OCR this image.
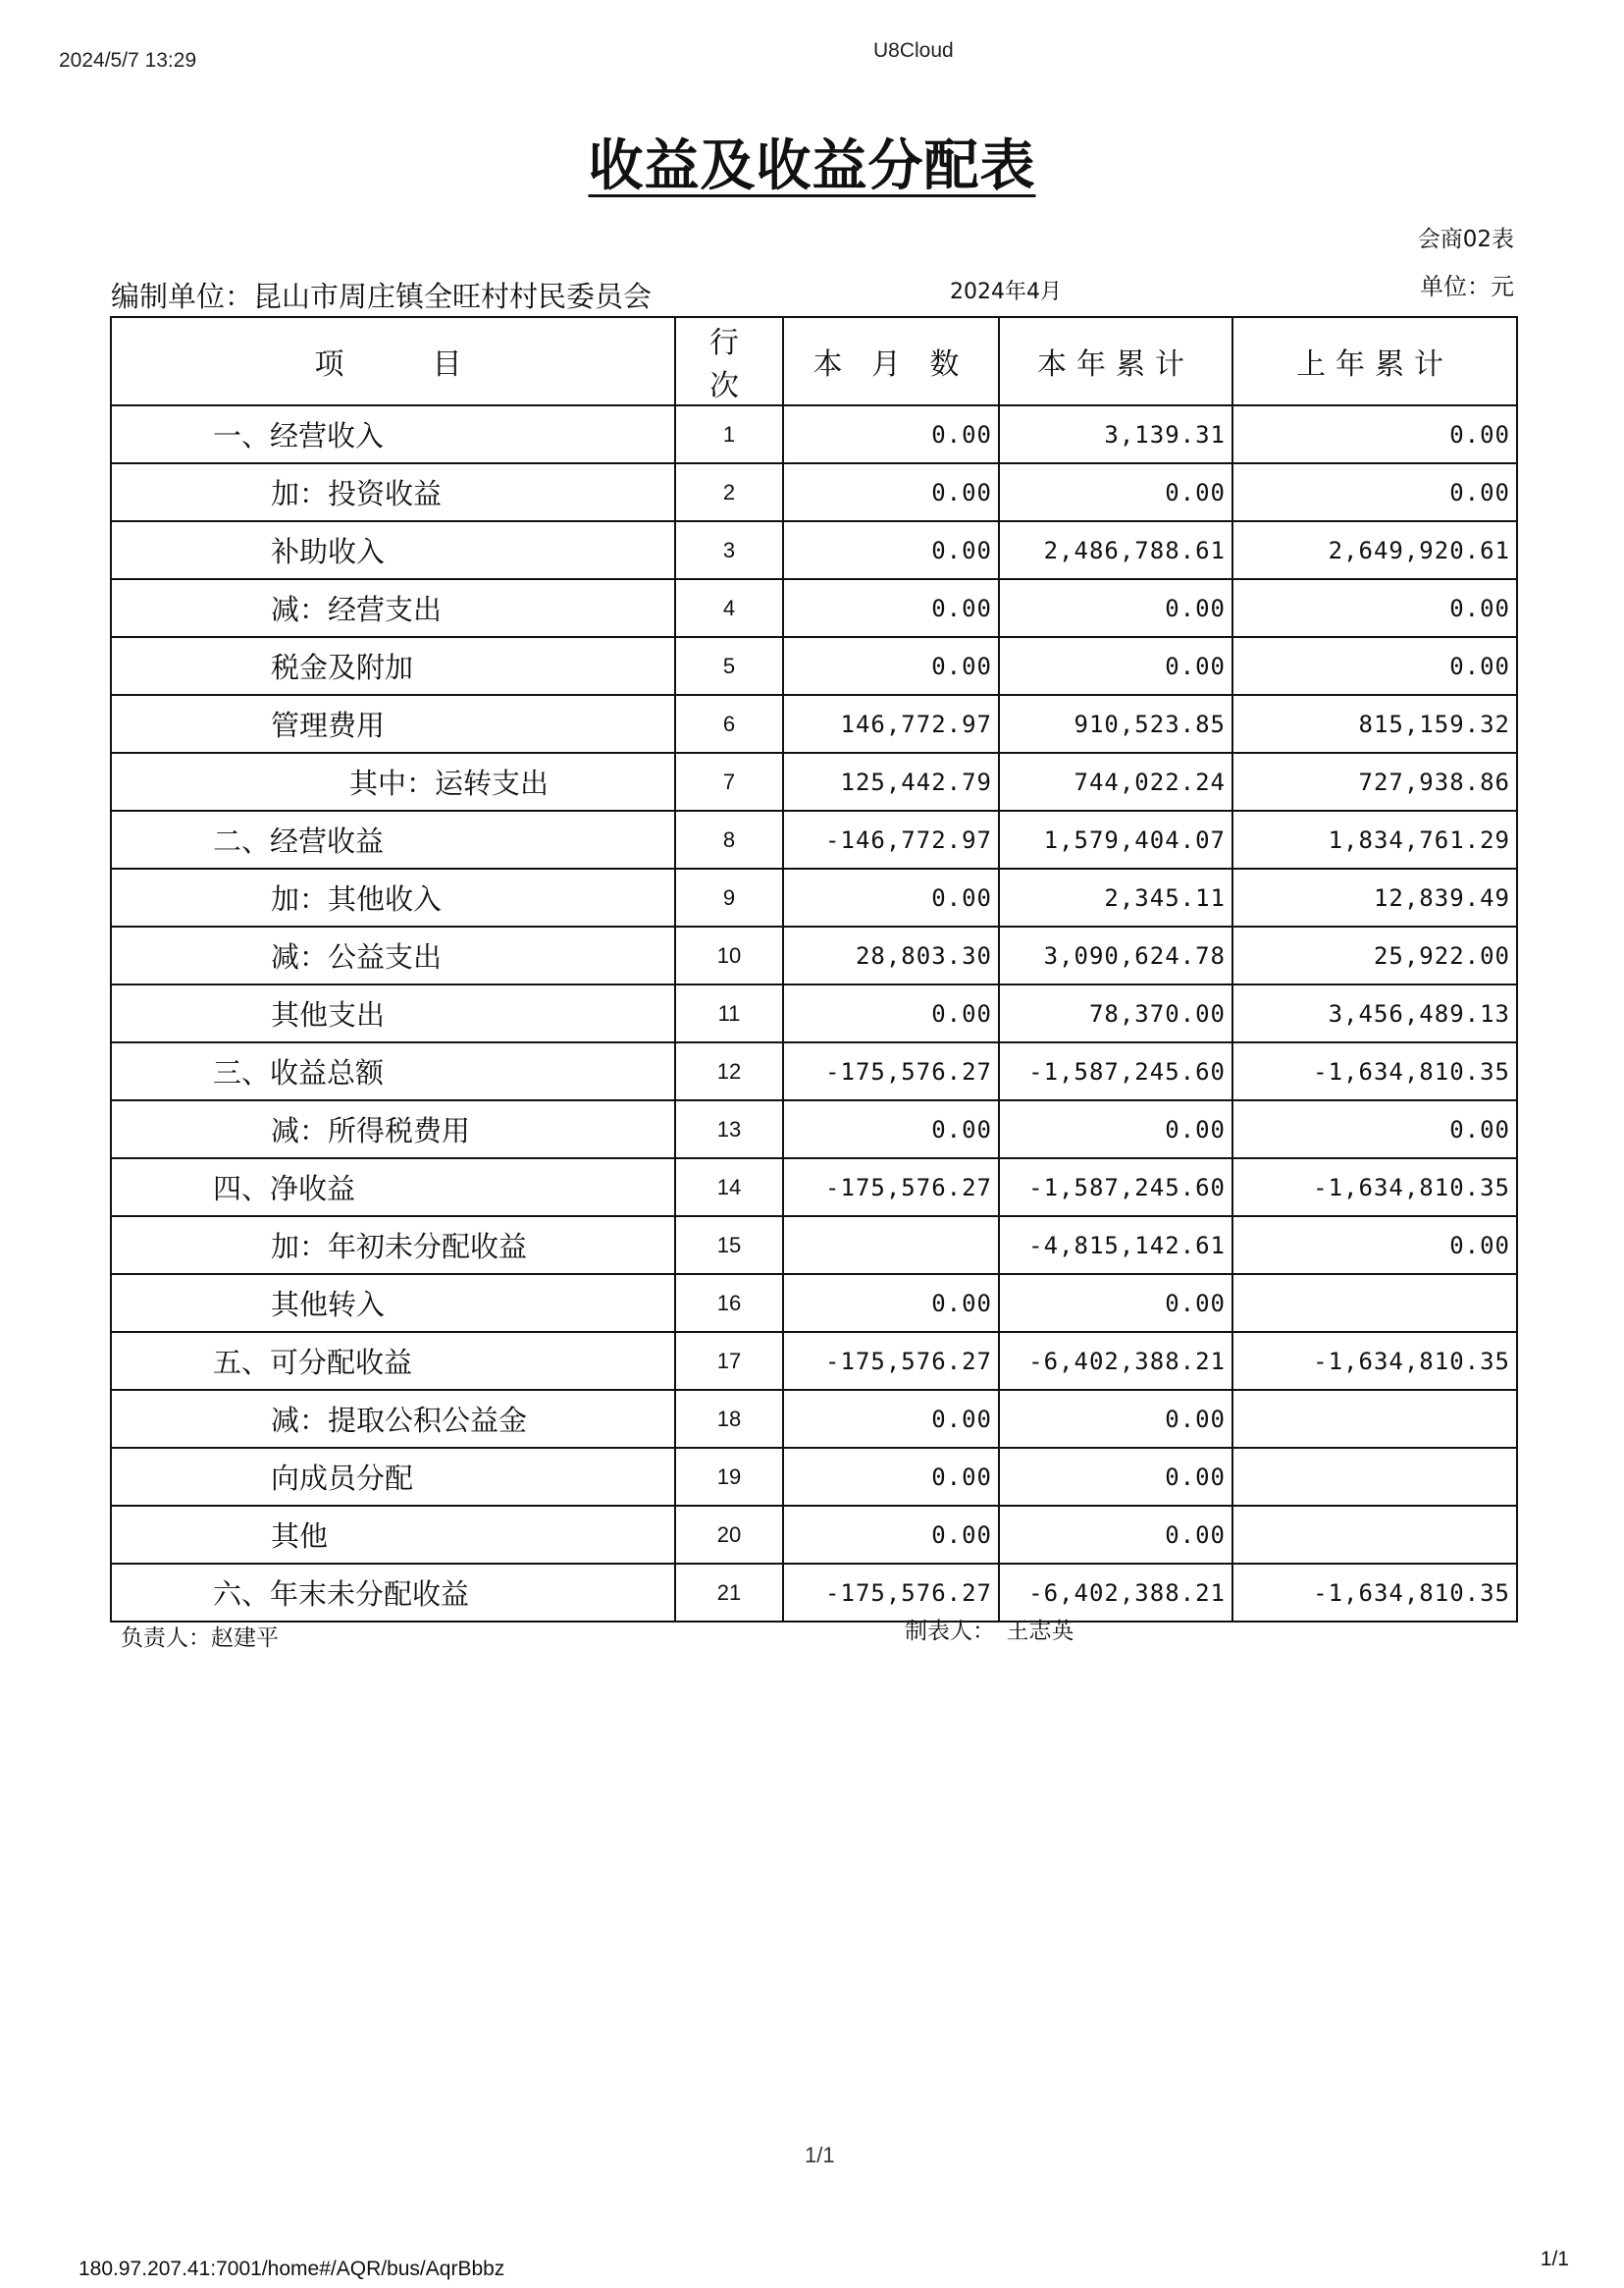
2024/5/7 13:29	U8Cloud
收益及收益分配表
会商02表
编制单位：昆山市周庄镇全旺村村民委员会	2024年4月	单位：元
项　　目	行 次	本 月 数	本年累计	上年累计
一、经营收入	1	0.00	3,139.31	0.00
加：投资收益	2	0.00	0.00	0.00
补助收入	3	0.00	2,486,788.61	2,649,920.61
减：经营支出	4	0.00	0.00	0.00
税金及附加	5	0.00	0.00	0.00
管理费用	6	146,772.97	910,523.85	815,159.32
其中：运转支出	7	125,442.79	744,022.24	727,938.86
二、经营收益	8	-146,772.97	1,579,404.07	1,834,761.29
加：其他收入	9	0.00	2,345.11	12,839.49
减：公益支出	10	28,803.30	3,090,624.78	25,922.00
其他支出	11	0.00	78,370.00	3,456,489.13
三、收益总额	12	-175,576.27	-1,587,245.60	-1,634,810.35
减：所得税费用	13	0.00	0.00	0.00
四、净收益	14	-175,576.27	-1,587,245.60	-1,634,810.35
加：年初未分配收益	15		-4,815,142.61	0.00
其他转入	16	0.00	0.00	
五、可分配收益	17	-175,576.27	-6,402,388.21	-1,634,810.35
减：提取公积公益金	18	0.00	0.00	
向成员分配	19	0.00	0.00	
其他	20	0.00	0.00	
六、年末未分配收益	21	-175,576.27	-6,402,388.21	-1,634,810.35
负责人：赵建平	制表人：　王志英
1/1
180.97.207.41:7001/home#/AQR/bus/AqrBbbz	1/1
